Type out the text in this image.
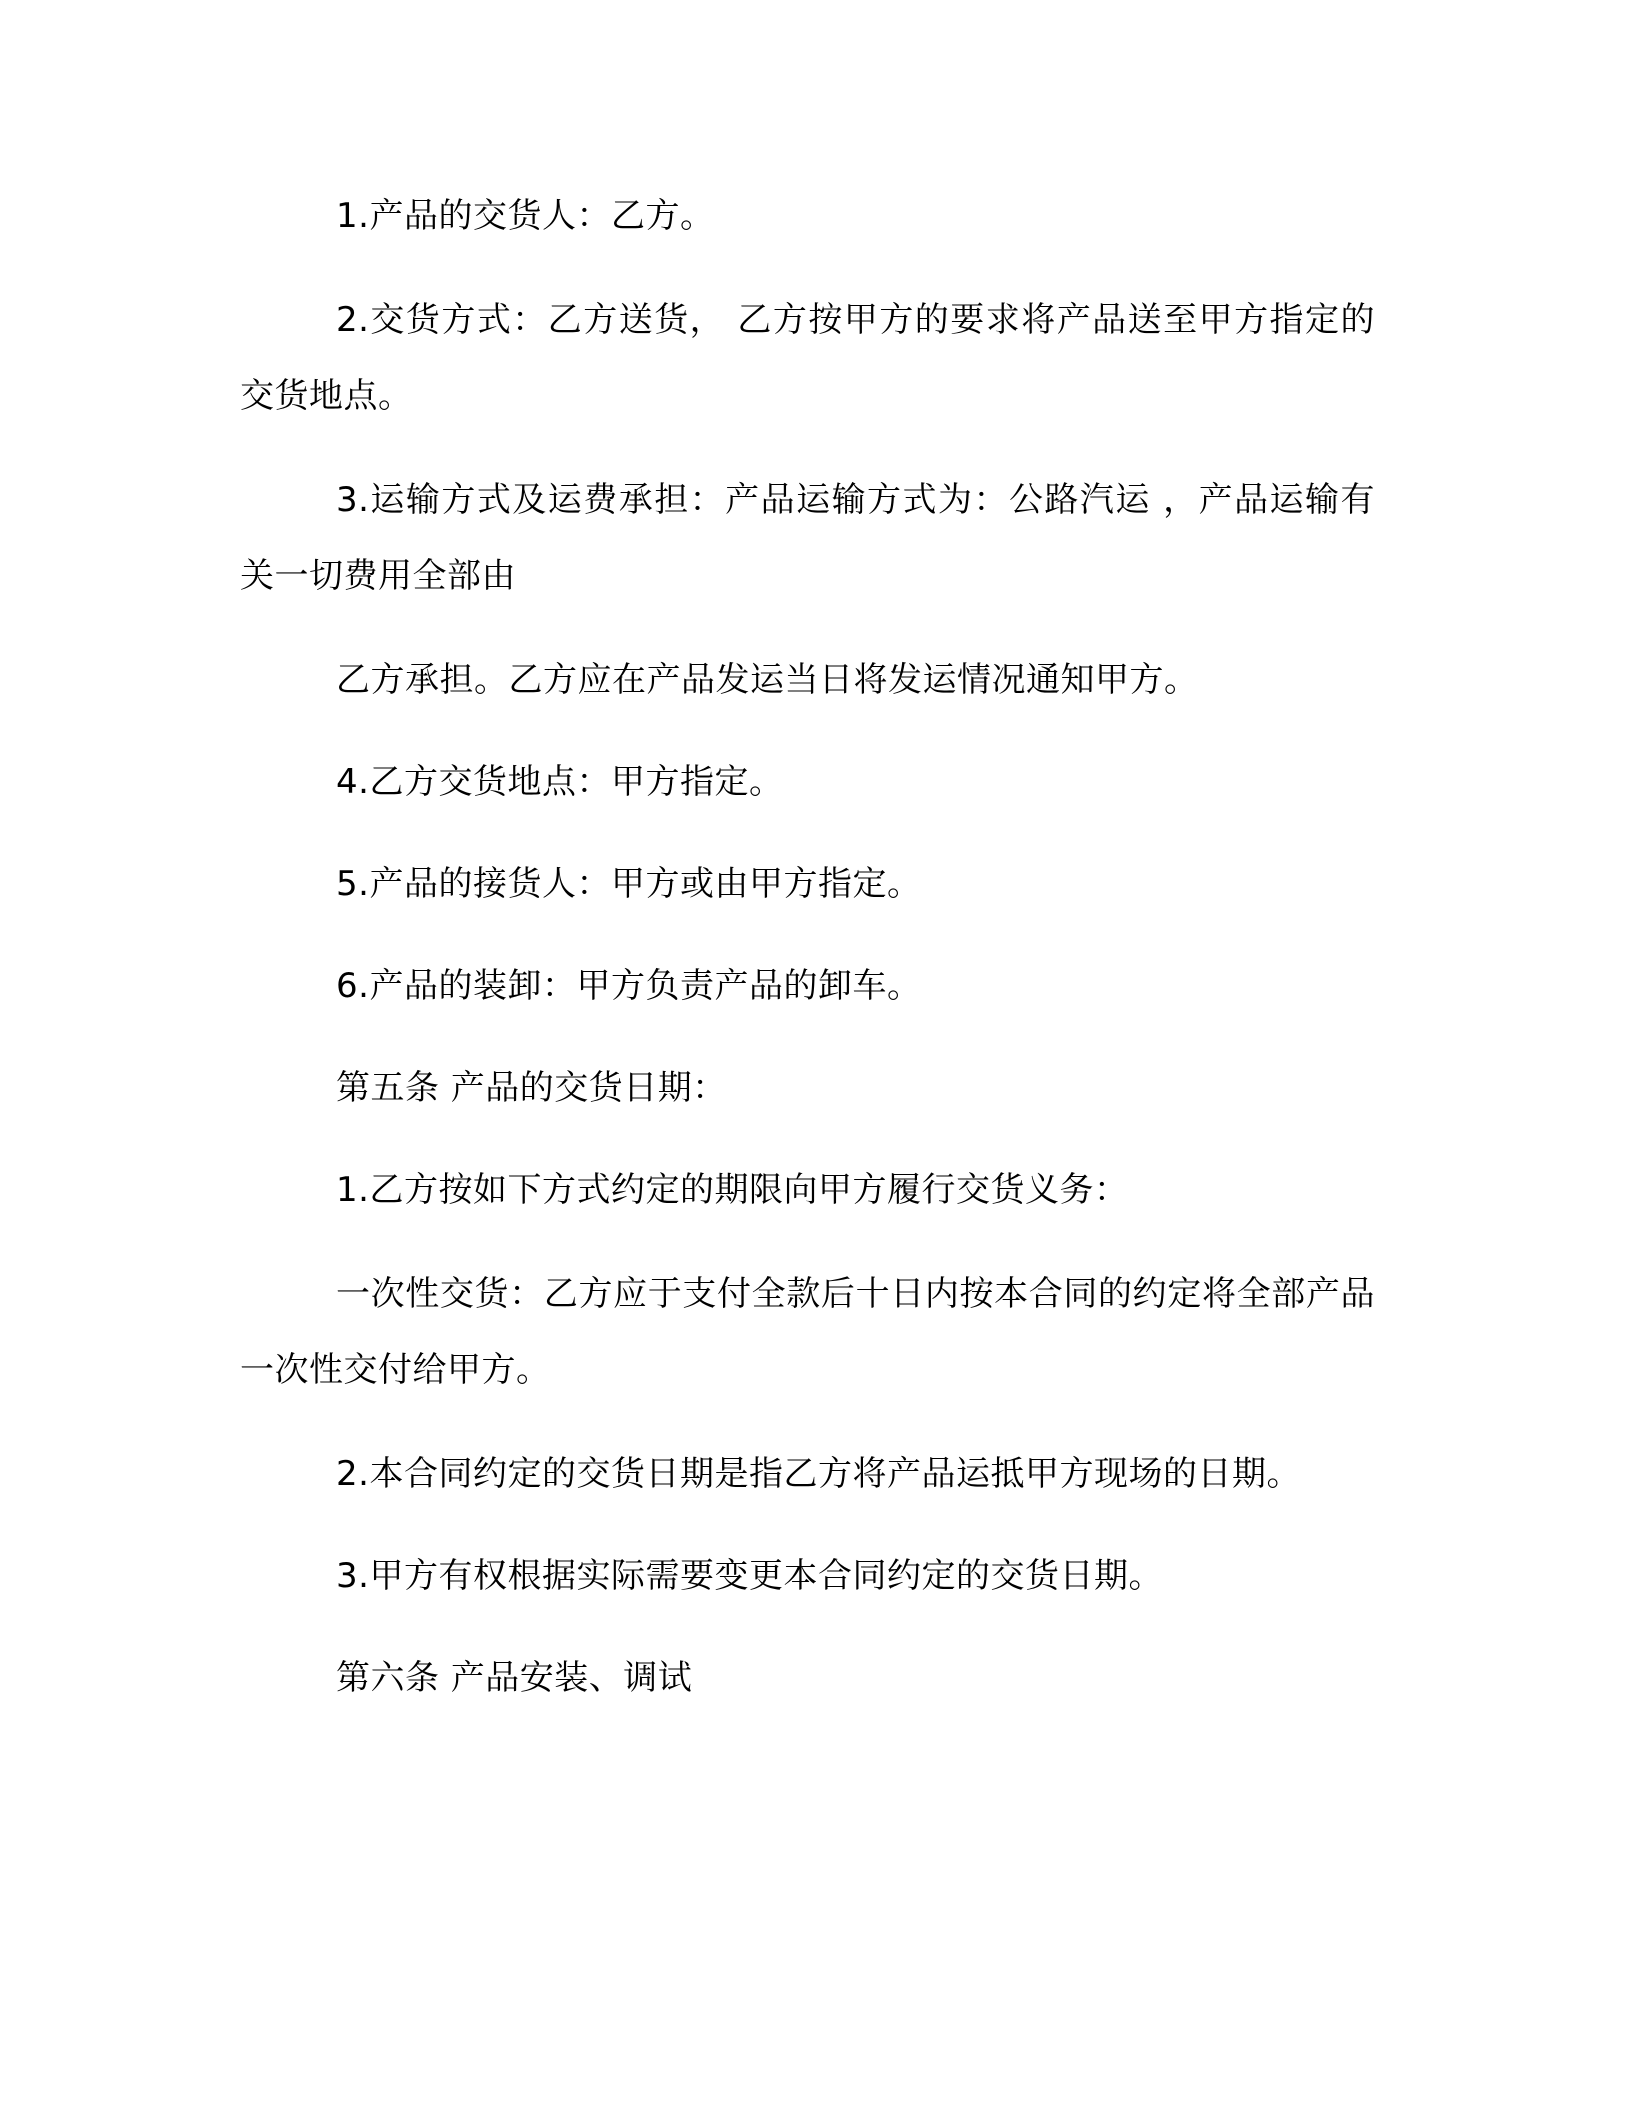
1.产品的交货人：乙方。

2.交货方式：乙方送货， 乙方按甲方的要求将产品送至甲方指定的交货地点。

3.运输方式及运费承担：产品运输方式为：公路汽运 ，产品运输有关一切费用全部由

乙方承担。乙方应在产品发运当日将发运情况通知甲方。

4.乙方交货地点：甲方指定。

5.产品的接货人：甲方或由甲方指定。

6.产品的装卸：甲方负责产品的卸车。

第五条 产品的交货日期：

1.乙方按如下方式约定的期限向甲方履行交货义务：

一次性交货：乙方应于支付全款后十日内按本合同的约定将全部产品一次性交付给甲方。

2.本合同约定的交货日期是指乙方将产品运抵甲方现场的日期。

3.甲方有权根据实际需要变更本合同约定的交货日期。

第六条 产品安装、调试
